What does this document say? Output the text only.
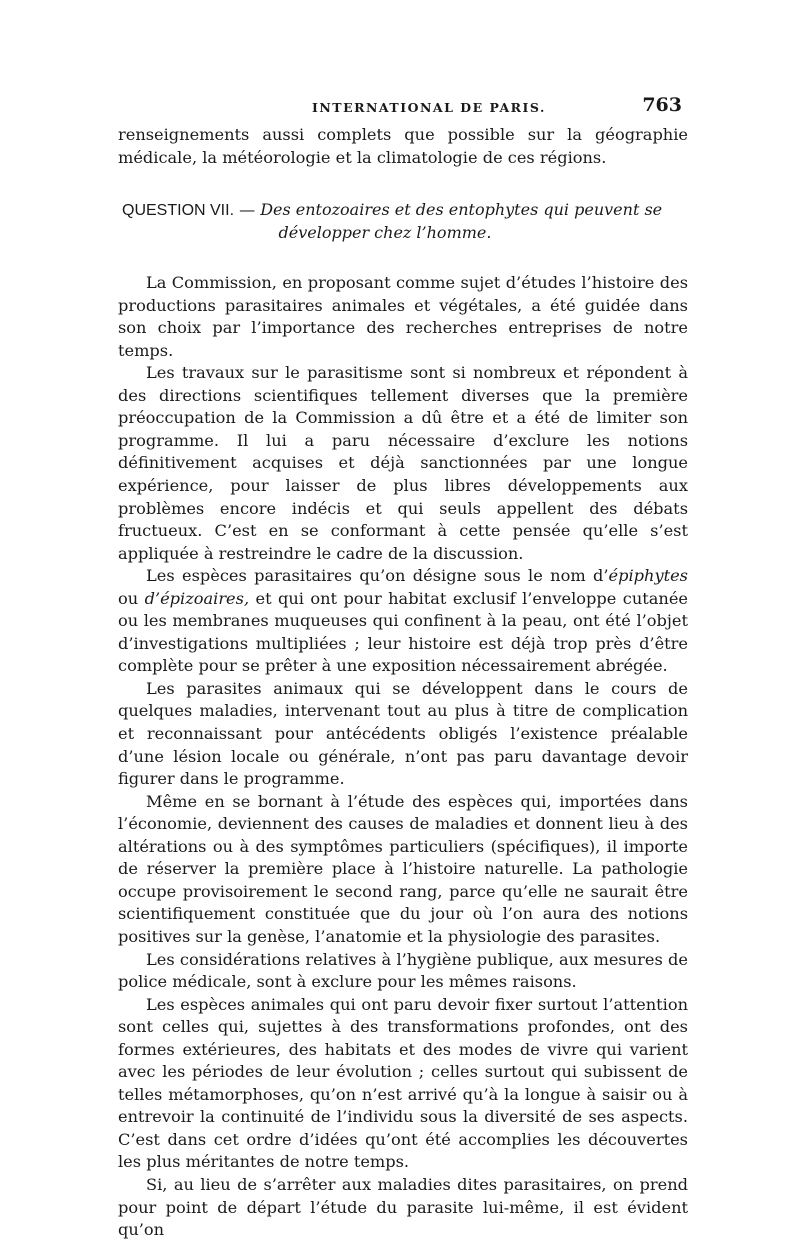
INTERNATIONAL DE PARIS.	763

renseignements aussi complets que possible sur la géographie médicale, la météorologie et la climatologie de ces régions.

QUESTION VII. — Des entozoaires et des entophytes qui peuvent se
développer chez l’homme.

La Commission, en proposant comme sujet d’études l’histoire des productions parasitaires animales et végétales, a été guidée dans son choix par l’importance des recherches entreprises de notre temps.

Les travaux sur le parasitisme sont si nombreux et répondent à des directions scientifiques tellement diverses que la première préoccupation de la Commission a dû être et a été de limiter son programme. Il lui a paru nécessaire d’exclure les notions définitivement acquises et déjà sanctionnées par une longue expérience, pour laisser de plus libres développements aux problèmes encore indécis et qui seuls appellent des débats fructueux. C’est en se conformant à cette pensée qu’elle s’est appliquée à restreindre le cadre de la discussion.

Les espèces parasitaires qu’on désigne sous le nom d’épiphytes ou d’épizoaires, et qui ont pour habitat exclusif l’enveloppe cutanée ou les membranes muqueuses qui confinent à la peau, ont été l’objet d’investigations multipliées ; leur histoire est déjà trop près d’être complète pour se prêter à une exposition nécessairement abrégée.

Les parasites animaux qui se développent dans le cours de quelques maladies, intervenant tout au plus à titre de complication et reconnaissant pour antécédents obligés l’existence préalable d’une lésion locale ou générale, n’ont pas paru davantage devoir figurer dans le programme.

Même en se bornant à l’étude des espèces qui, importées dans l’économie, deviennent des causes de maladies et donnent lieu à des altérations ou à des symptômes particuliers (spécifiques), il importe de réserver la première place à l’histoire naturelle. La pathologie occupe provisoirement le second rang, parce qu’elle ne saurait être scientifiquement constituée que du jour où l’on aura des notions positives sur la genèse, l’anatomie et la physiologie des parasites.

Les considérations relatives à l’hygiène publique, aux mesures de police médicale, sont à exclure pour les mêmes raisons.

Les espèces animales qui ont paru devoir fixer surtout l’attention sont celles qui, sujettes à des transformations profondes, ont des formes extérieures, des habitats et des modes de vivre qui varient avec les périodes de leur évolution ; celles surtout qui subissent de telles métamorphoses, qu’on n’est arrivé qu’à la longue à saisir ou à entrevoir la continuité de l’individu sous la diversité de ses aspects. C’est dans cet ordre d’idées qu’ont été accomplies les découvertes les plus méritantes de notre temps.

Si, au lieu de s’arrêter aux maladies dites parasitaires, on prend pour point de départ l’étude du parasite lui-même, il est évident qu’on
